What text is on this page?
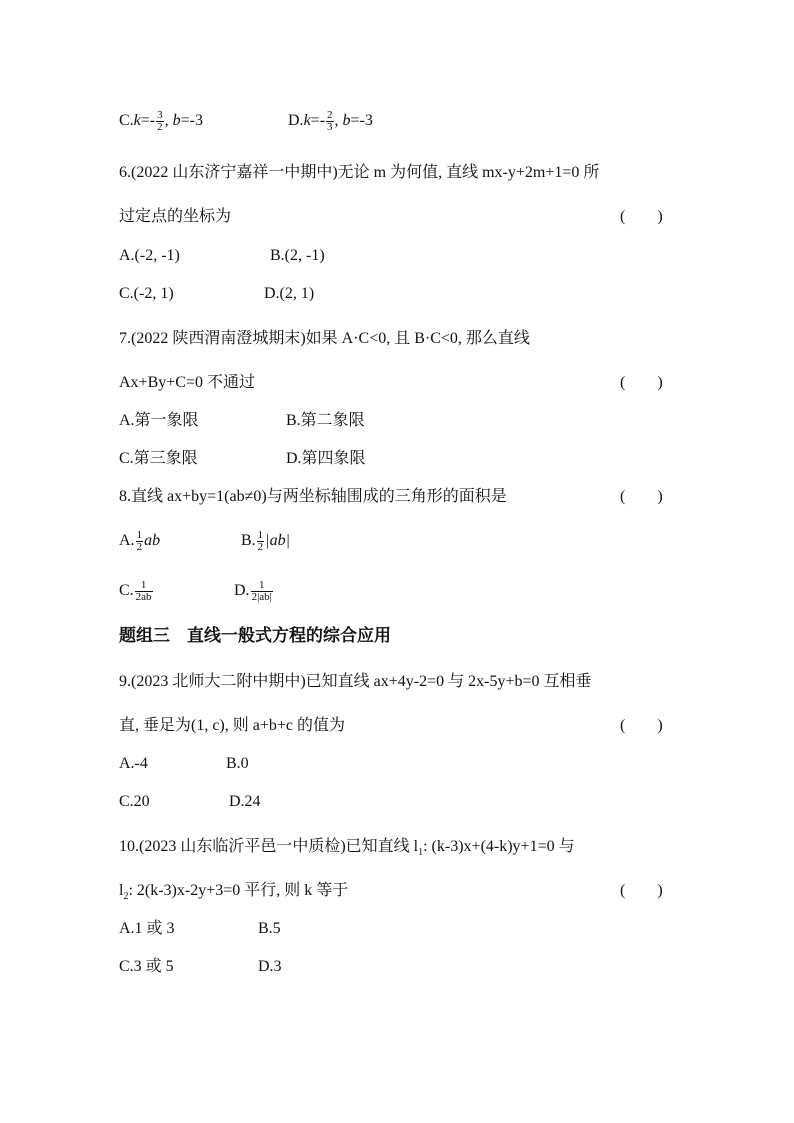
$C.k=- \frac{3}{2}$ , b=-3	$D.k=- \frac{2}{3}$ , b=-3
6.(2022 山东济宁嘉祥一中期中)无论 m 为何值, 直线 mx-y+2m+1=0 所
过定点的坐标为	(　　)
A.(-2, -1)	B.(2, -1)
C.(-2, 1)	D.(2, 1)
7.(2022 陕西渭南澄城期末)如果 A·C<0, 且 B·C<0, 那么直线
Ax+By+C=0 不通过	(　　)
A.第一象限	B.第二象限
C.第三象限	D.第四象限
8.直线 ax+by=1(ab≠0)与两坐标轴围成的三角形的面积是	(　　)
A. $\frac{1}{2}$ ab	B. $\frac{1}{2} |ab|$
C. $\frac{1}{2ab}$	D. $\frac{1}{2|ab|}$
题组三　直线一般式方程的综合应用
9.(2023 北师大二附中期中)已知直线 ax+4y-2=0 与 2x-5y+b=0 互相垂
直, 垂足为(1, c), 则 a+b+c 的值为	(　　)
A.-4	B.0
C.20	D.24
10.(2023 山东临沂平邑一中质检)已知直线 $l_1$: (k-3)x+(4-k)y+1=0 与
$l_2$: 2(k-3)x-2y+3=0 平行, 则 k 等于	(　　)
A.1 或 3	B.5
C.3 或 5	D.3
